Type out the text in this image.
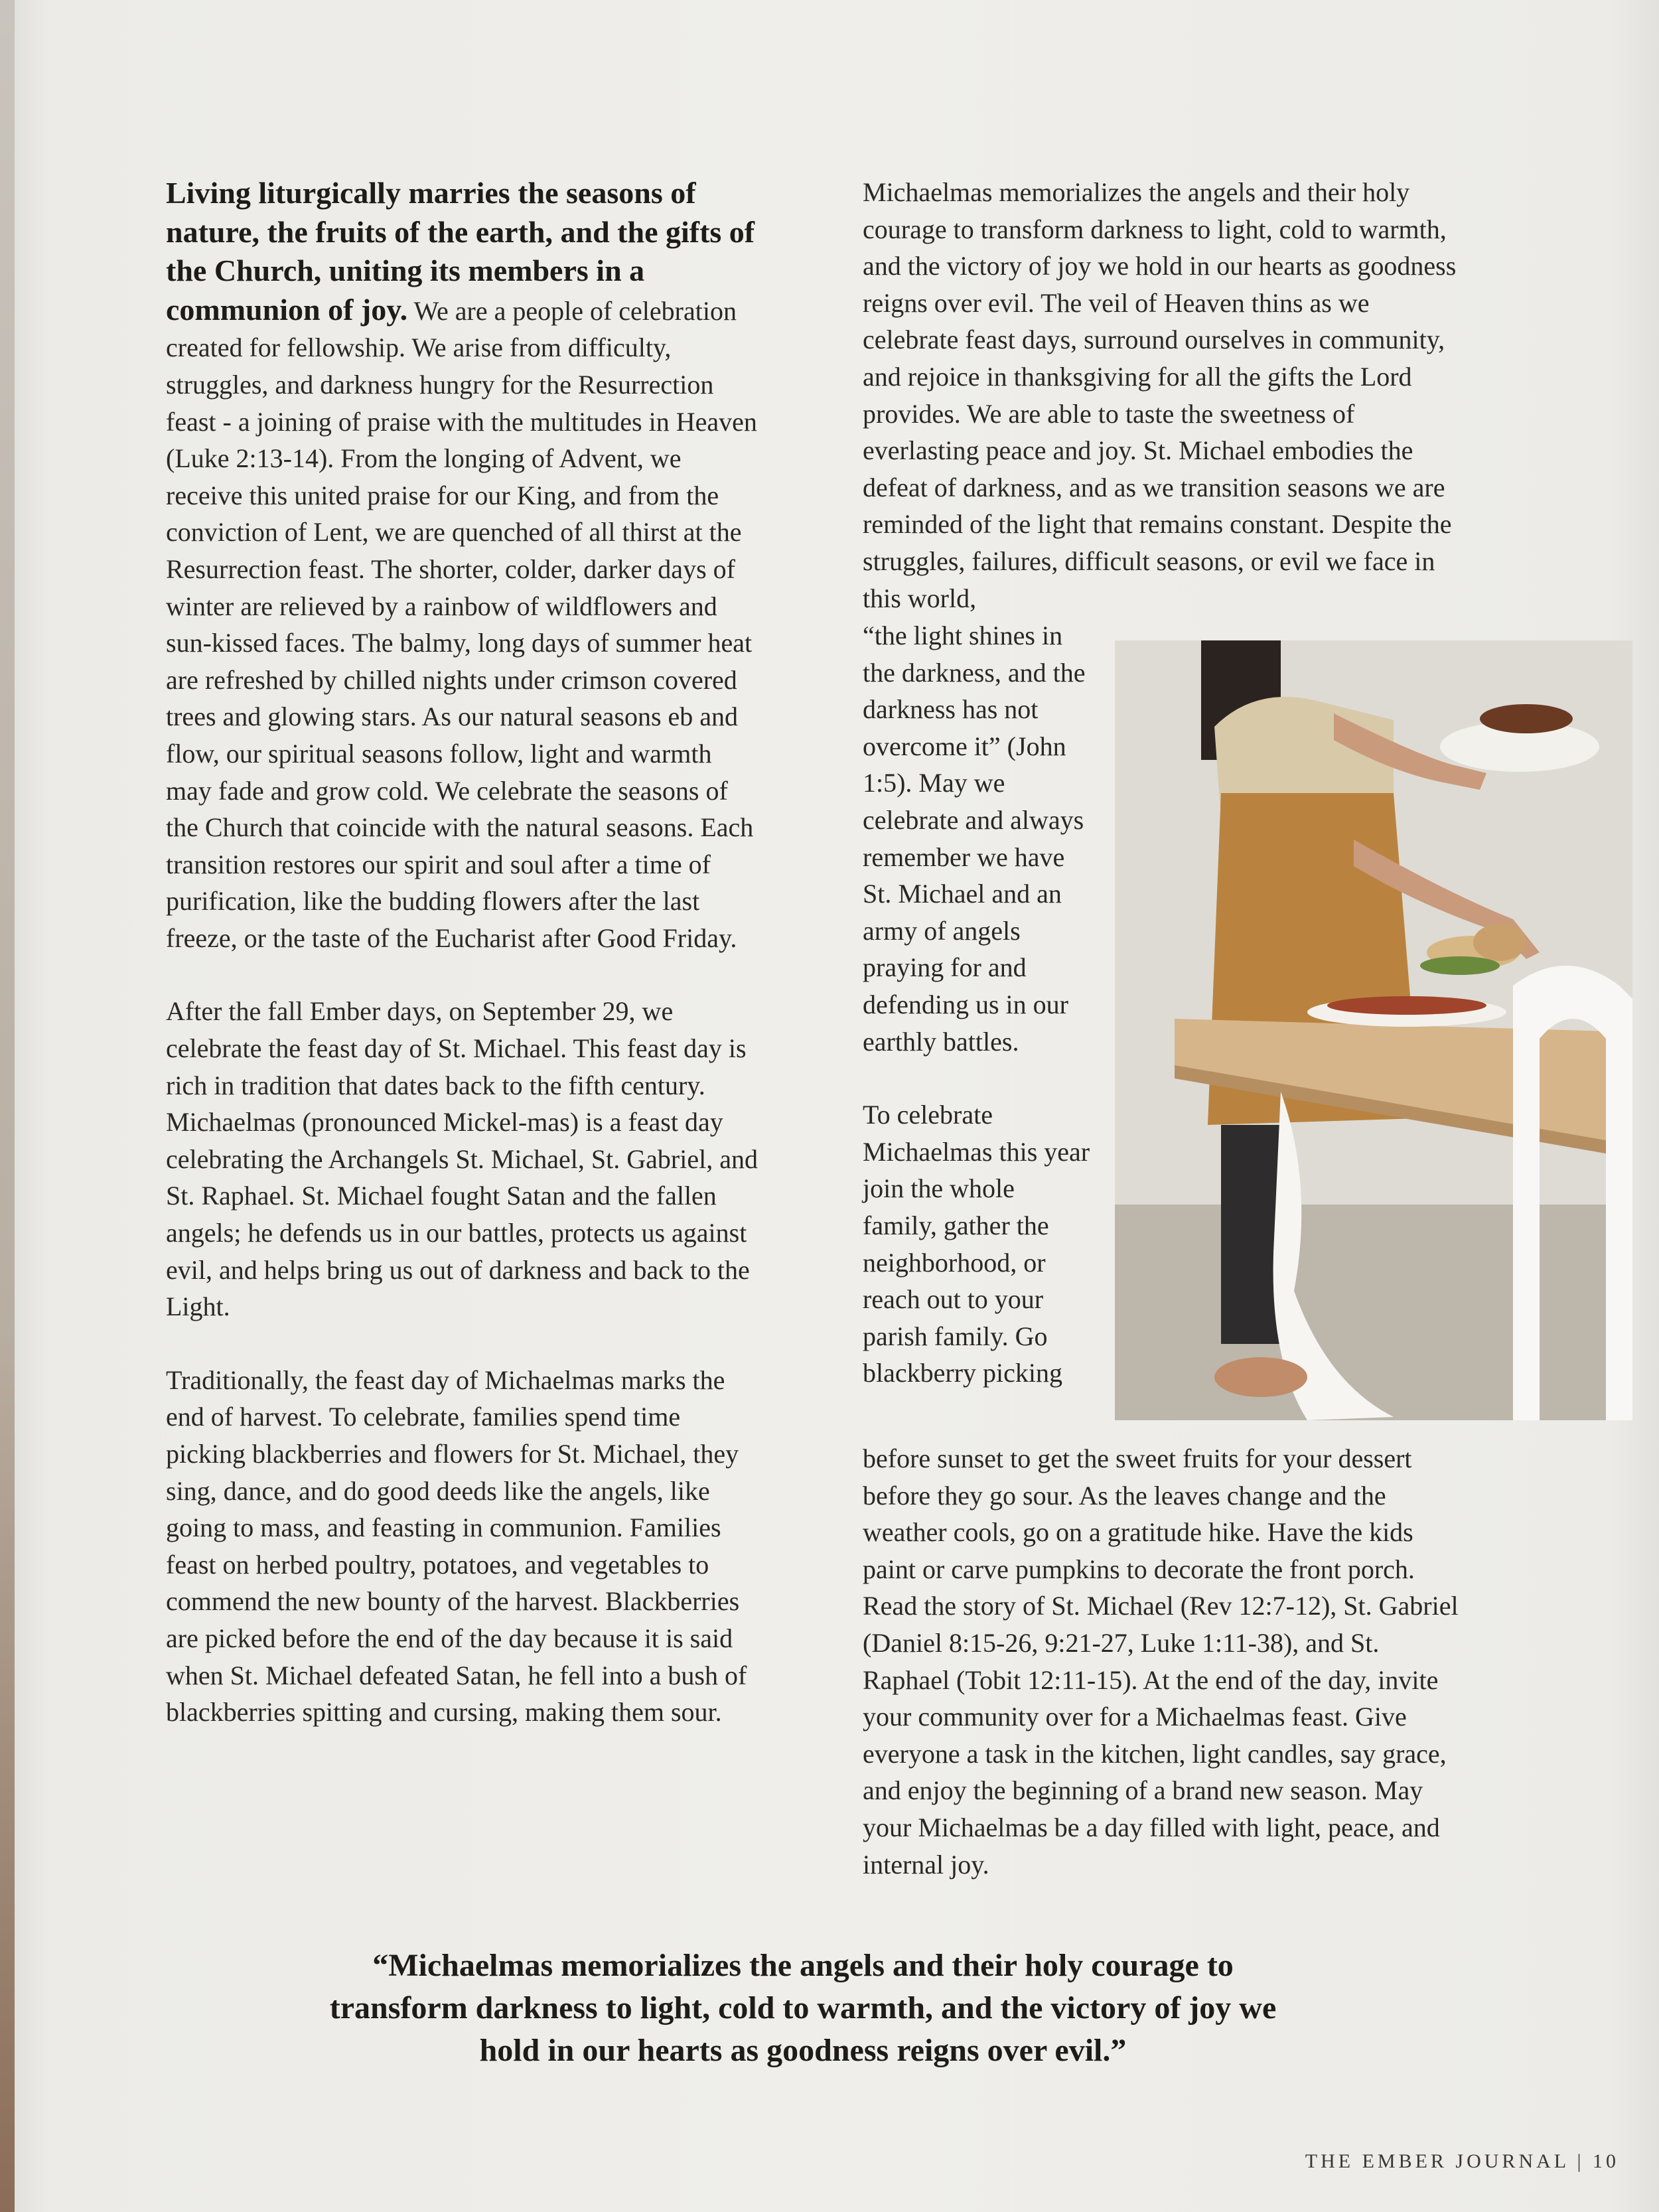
Living liturgically marries the seasons of nature, the fruits of the earth, and the gifts of the Church, uniting its members in a communion of joy. We are a people of celebration created for fellowship. We arise from difficulty, struggles, and darkness hungry for the Resurrection feast - a joining of praise with the multitudes in Heaven (Luke 2:13-14). From the longing of Advent, we receive this united praise for our King, and from the conviction of Lent, we are quenched of all thirst at the Resurrection feast. The shorter, colder, darker days of winter are relieved by a rainbow of wildflowers and sun-kissed faces. The balmy, long days of summer heat are refreshed by chilled nights under crimson covered trees and glowing stars. As our natural seasons eb and flow, our spiritual seasons follow, light and warmth may fade and grow cold. We celebrate the seasons of the Church that coincide with the natural seasons. Each transition restores our spirit and soul after a time of purification, like the budding flowers after the last freeze, or the taste of the Eucharist after Good Friday.

After the fall Ember days, on September 29, we celebrate the feast day of St. Michael. This feast day is rich in tradition that dates back to the fifth century. Michaelmas (pronounced Mickel-mas) is a feast day celebrating the Archangels St. Michael, St. Gabriel, and St. Raphael. St. Michael fought Satan and the fallen angels; he defends us in our battles, protects us against evil, and helps bring us out of darkness and back to the Light.

Traditionally, the feast day of Michaelmas marks the end of harvest. To celebrate, families spend time picking blackberries and flowers for St. Michael, they sing, dance, and do good deeds like the angels, like going to mass, and feasting in communion. Families feast on herbed poultry, potatoes, and vegetables to commend the new bounty of the harvest. Blackberries are picked before the end of the day because it is said when St. Michael defeated Satan, he fell into a bush of blackberries spitting and cursing, making them sour.

Michaelmas memorializes the angels and their holy courage to transform darkness to light, cold to warmth, and the victory of joy we hold in our hearts as goodness reigns over evil. The veil of Heaven thins as we celebrate feast days, surround ourselves in community, and rejoice in thanksgiving for all the gifts the Lord provides. We are able to taste the sweetness of everlasting peace and joy. St. Michael embodies the defeat of darkness, and as we transition seasons we are reminded of the light that remains constant. Despite the struggles, failures, difficult seasons, or evil we face in this world,

“the light shines in the darkness, and the darkness has not overcome it” (John 1:5). May we celebrate and always remember we have St. Michael and an army of angels praying for and defending us in our earthly battles.

To celebrate Michaelmas this year join the whole family, gather the neighborhood, or reach out to your parish family. Go blackberry picking

before sunset to get the sweet fruits for your dessert before they go sour. As the leaves change and the weather cools, go on a gratitude hike. Have the kids paint or carve pumpkins to decorate the front porch. Read the story of St. Michael (Rev 12:7-12), St. Gabriel (Daniel 8:15-26, 9:21-27, Luke 1:11-38), and St. Raphael (Tobit 12:11-15). At the end of the day, invite your community over for a Michaelmas feast. Give everyone a task in the kitchen, light candles, say grace, and enjoy the beginning of a brand new season. May your Michaelmas be a day filled with light, peace, and internal joy.

“Michaelmas memorializes the angels and their holy courage to transform darkness to light, cold to warmth, and the victory of joy we hold in our hearts as goodness reigns over evil.”
THE EMBER JOURNAL | 10
